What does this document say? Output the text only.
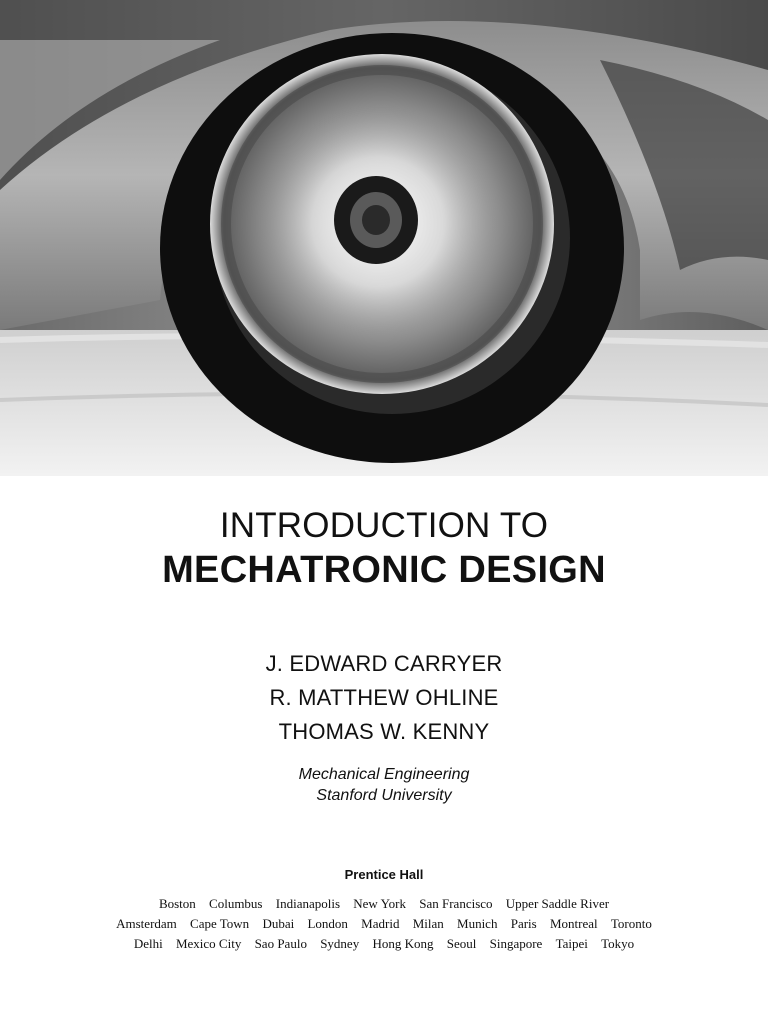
INTRODUCTION TO
MECHATRONIC DESIGN
J. EDWARD CARRYER
R. MATTHEW OHLINE
THOMAS W. KENNY
Mechanical Engineering
Stanford University
Prentice Hall
Boston Columbus Indianapolis New York San Francisco Upper Saddle River
Amsterdam Cape Town Dubai London Madrid Milan Munich Paris Montreal Toronto
Delhi Mexico City Sao Paulo Sydney Hong Kong Seoul Singapore Taipei Tokyo
